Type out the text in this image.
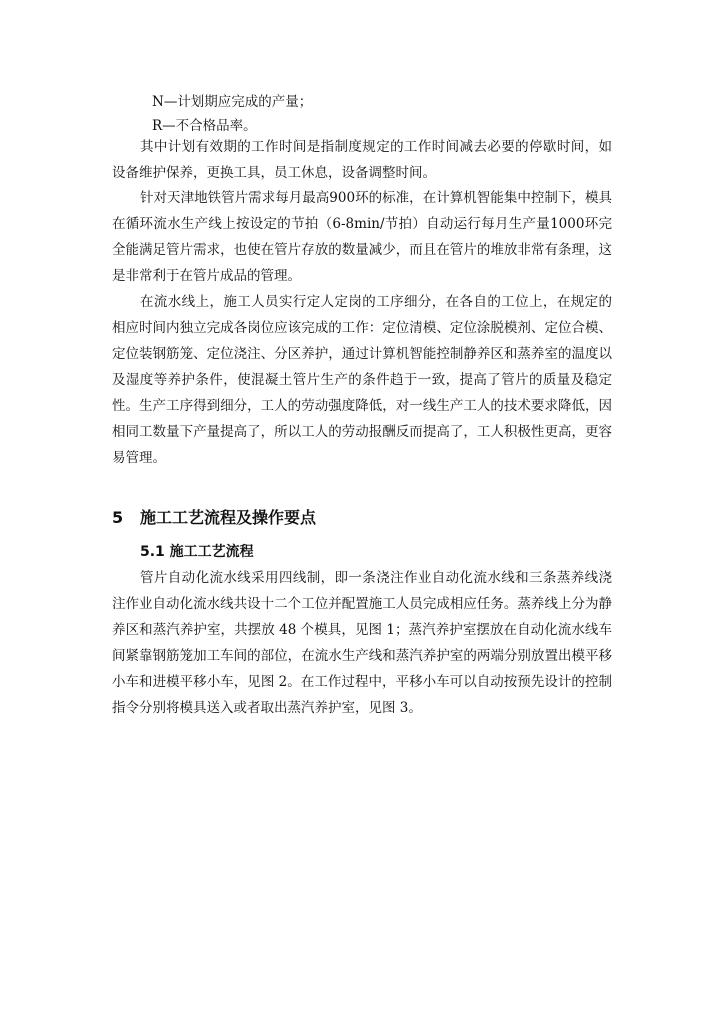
N—计划期应完成的产量；
R—不合格品率。

其中计划有效期的工作时间是指制度规定的工作时间减去必要的停歇时间，如设备维护保养，更换工具，员工休息，设备调整时间。

针对天津地铁管片需求每月最高900环的标准，在计算机智能集中控制下，模具在循环流水生产线上按设定的节拍（6-8min/节拍）自动运行每月生产量1000环完全能满足管片需求，也使在管片存放的数量减少，而且在管片的堆放非常有条理，这是非常利于在管片成品的管理。

在流水线上，施工人员实行定人定岗的工序细分，在各自的工位上，在规定的相应时间内独立完成各岗位应该完成的工作：定位清模、定位涂脱模剂、定位合模、定位装钢筋笼、定位浇注、分区养护，通过计算机智能控制静养区和蒸养室的温度以及湿度等养护条件，使混凝土管片生产的条件趋于一致，提高了管片的质量及稳定性。生产工序得到细分，工人的劳动强度降低，对一线生产工人的技术要求降低，因相同工数量下产量提高了，所以工人的劳动报酬反而提高了，工人积极性更高，更容易管理。

5 施工工艺流程及操作要点
5.1 施工工艺流程

管片自动化流水线采用四线制，即一条浇注作业自动化流水线和三条蒸养线浇注作业自动化流水线共设十二个工位并配置施工人员完成相应任务。蒸养线上分为静养区和蒸汽养护室，共摆放 48 个模具，见图 1；蒸汽养护室摆放在自动化流水线车间紧靠钢筋笼加工车间的部位，在流水生产线和蒸汽养护室的两端分别放置出模平移小车和进模平移小车，见图 2。在工作过程中，平移小车可以自动按预先设计的控制指令分别将模具送入或者取出蒸汽养护室，见图 3。
